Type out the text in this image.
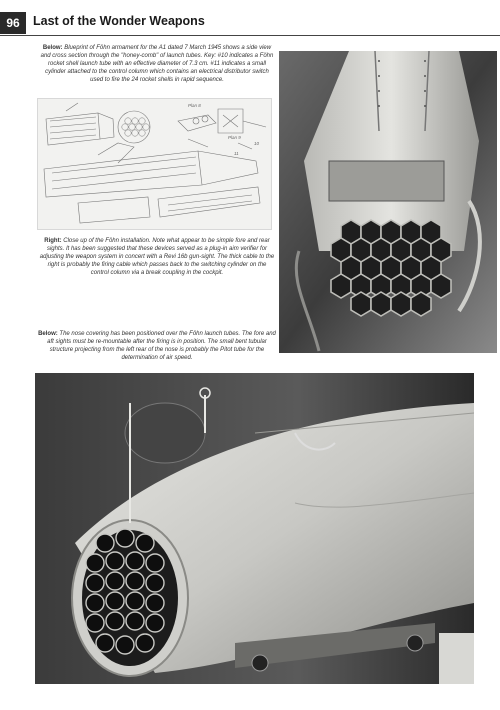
96	Last of the Wonder Weapons
Below: Blueprint of Föhn armament for the A1 dated 7 March 1945 shows a side view and cross section through the "honey-comb" of launch tubes. Key: #10 indicates a Föhn rocket shell launch tube with an effective diameter of 7.3 cm. #11 indicates a small cylinder attached to the control column which contains an electrical distributor switch used to fire the 24 rocket shells in rapid sequence.
Plan 8
10
11
Plan 9
Right: Close up of the Föhn installation. Note what appear to be simple fore and rear sights. It has been suggested that these devices served as a plug-in aim verifier for adjusting the weapon system in concert with a Revi 16b gun-sight. The thick cable to the right is probably the firing cable which passes back to the switching cylinder on the control column via a break coupling in the cockpit.
Below: The nose covering has been positioned over the Föhn launch tubes. The fore and aft sights must be re-mountable after the firing is in position. The small bent tubular structure projecting from the left rear of the nose is probably the Pitot tube for the determination of air speed.
